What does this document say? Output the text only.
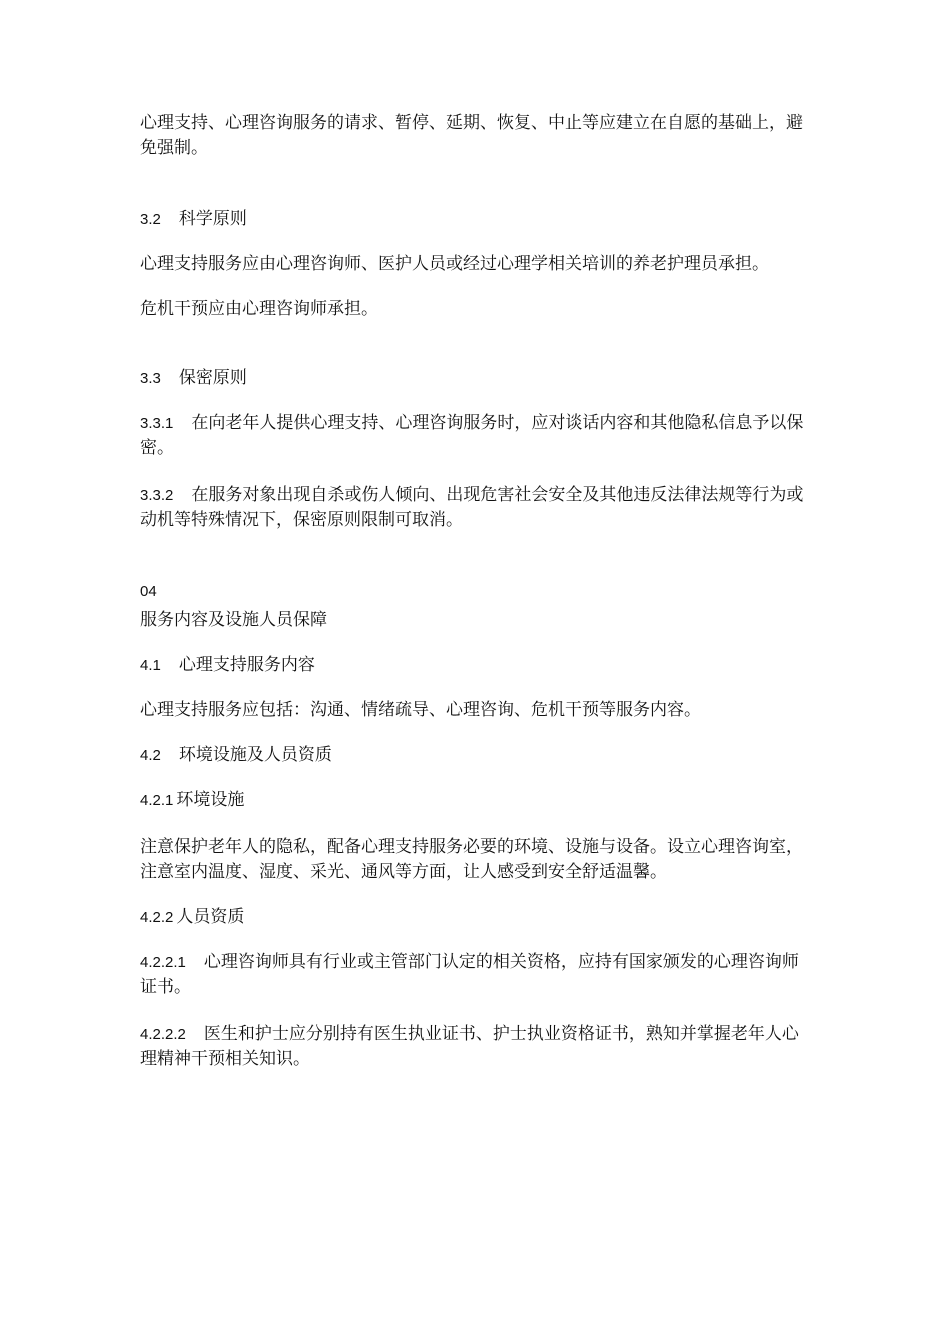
心理支持、心理咨询服务的请求、暂停、延期、恢复、中止等应建立在自愿的基础上，避免强制。

3.2 科学原则

心理支持服务应由心理咨询师、医护人员或经过心理学相关培训的养老护理员承担。

危机干预应由心理咨询师承担。

3.3 保密原则

3.3.1 在向老年人提供心理支持、心理咨询服务时，应对谈话内容和其他隐私信息予以保密。

3.3.2 在服务对象出现自杀或伤人倾向、出现危害社会安全及其他违反法律法规等行为或动机等特殊情况下，保密原则限制可取消。

04

服务内容及设施人员保障

4.1 心理支持服务内容

心理支持服务应包括：沟通、情绪疏导、心理咨询、危机干预等服务内容。

4.2 环境设施及人员资质

4.2.1 环境设施

注意保护老年人的隐私，配备心理支持服务必要的环境、设施与设备。设立心理咨询室，注意室内温度、湿度、采光、通风等方面，让人感受到安全舒适温馨。

4.2.2 人员资质

4.2.2.1 心理咨询师具有行业或主管部门认定的相关资格，应持有国家颁发的心理咨询师证书。

4.2.2.2 医生和护士应分别持有医生执业证书、护士执业资格证书，熟知并掌握老年人心理精神干预相关知识。
